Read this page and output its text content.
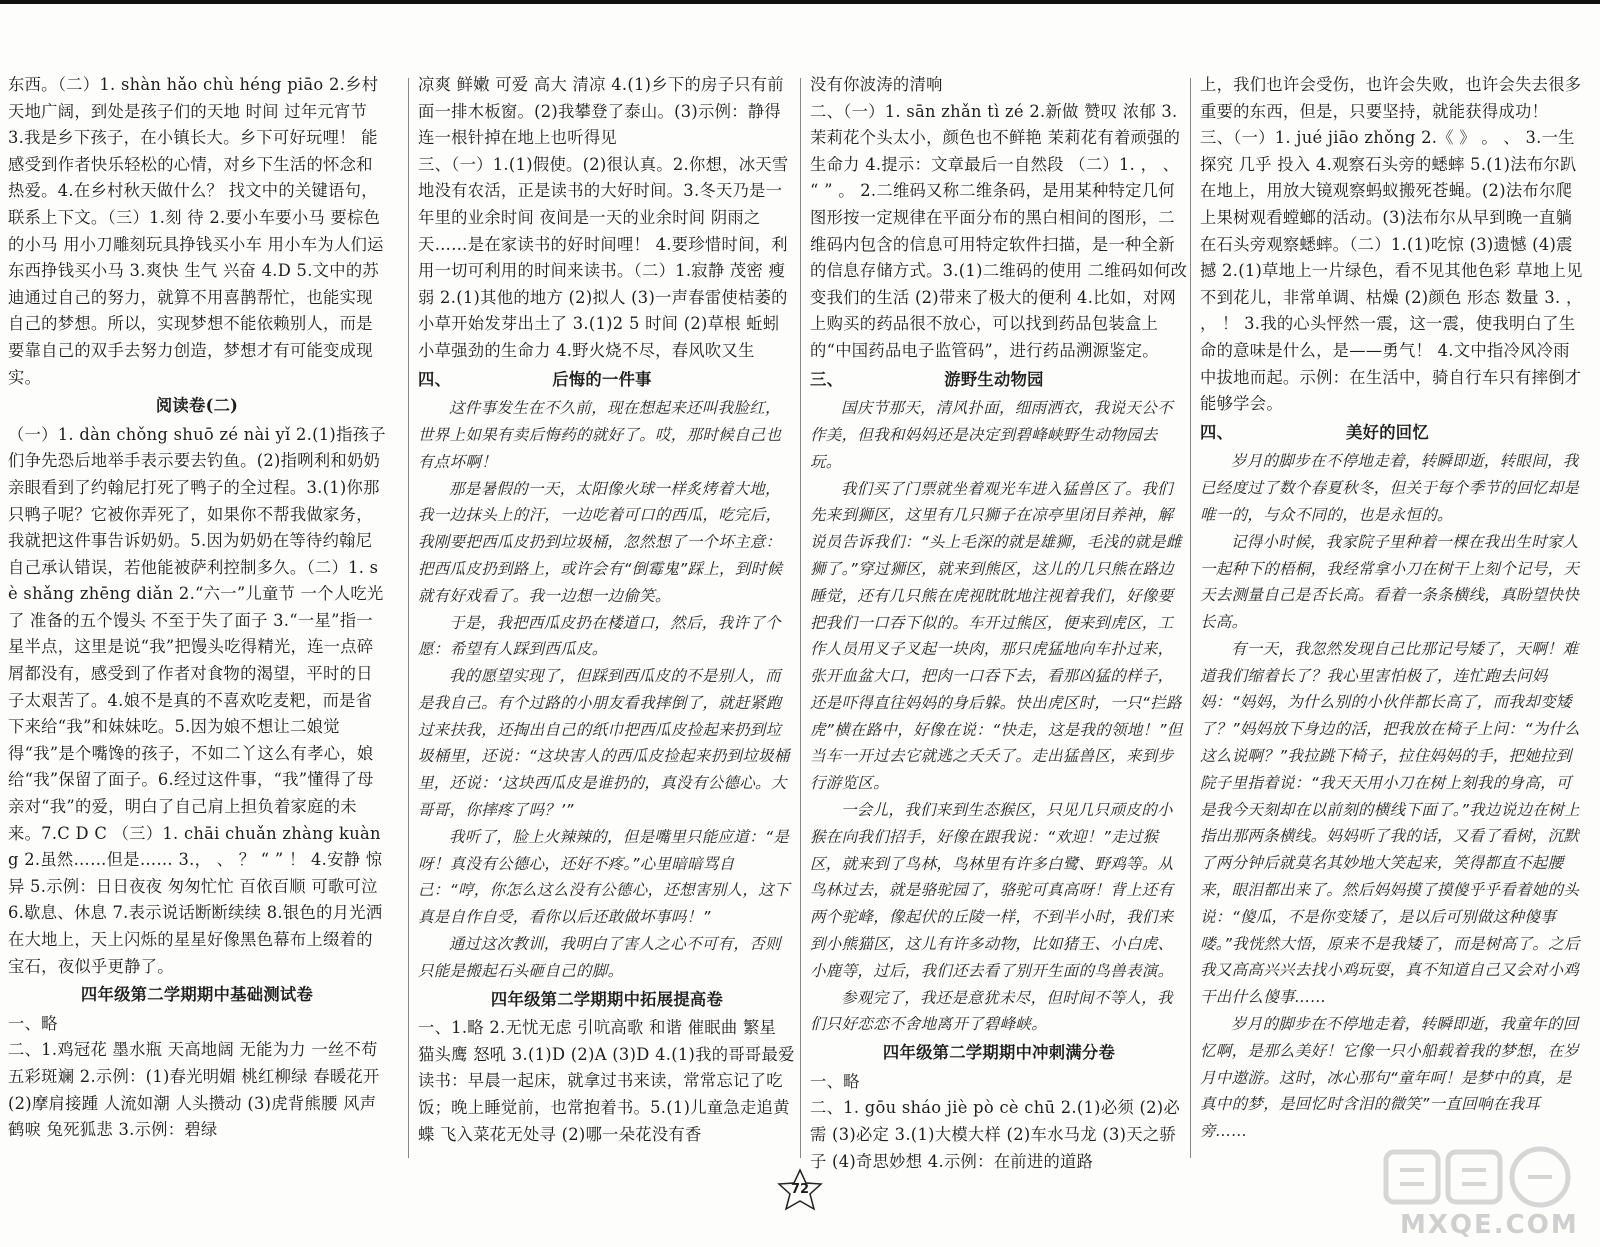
东西。（二）1. shàn hǎo chù héng piāo 2.乡村天地广阔，到处是孩子们的天地 时间 过年元宵节 3.我是乡下孩子，在小镇长大。乡下可好玩哩！ 能感受到作者快乐轻松的心情，对乡下生活的怀念和热爱。4.在乡村秋天做什么？ 找文中的关键语句，联系上下文。（三）1.刻 待 2.要小车要小马 要棕色的小马 用小刀雕刻玩具挣钱买小车 用小车为人们运东西挣钱买小马 3.爽快 生气 兴奋 4.D 5.文中的苏迪通过自己的努力，就算不用喜鹊帮忙，也能实现自己的梦想。所以，实现梦想不能依赖别人，而是要靠自己的双手去努力创造，梦想才有可能变成现实。

阅读卷(二)

（一）1. dàn chǒng shuō zé nài yǐ 2.(1)指孩子们争先恐后地举手表示要去钓鱼。(2)指咧利和奶奶亲眼看到了约翰尼打死了鸭子的全过程。3.(1)你那只鸭子呢？它被你弄死了，如果你不帮我做家务，我就把这件事告诉奶奶。5.因为奶奶在等待约翰尼自己承认错误，若他能被萨利控制多久。（二）1. sè shǎng zhēng diǎn 2.“六一”儿童节 一个人吃光了 准备的五个馒头 不至于失了面子 3.“一星”指一星半点，这里是说“我”把馒头吃得精光，连一点碎屑都没有，感受到了作者对食物的渴望，平时的日子太艰苦了。4.娘不是真的不喜欢吃麦粑，而是省下来给“我”和妹妹吃。5.因为娘不想让二娘觉得“我”是个嘴馋的孩子，不如二丫这么有孝心，娘给“我”保留了面子。6.经过这件事，“我”懂得了母亲对“我”的爱，明白了自己肩上担负着家庭的未来。7.C D C （三）1. chāi chuǎn zhàng kuàng 2.虽然……但是…… 3.， 、 ？ “ ” ！ 4.安静 惊异 5.示例：日日夜夜 匆匆忙忙 百依百顺 可歌可泣 6.歇息、休息 7.表示说话断断续续 8.银色的月光洒在大地上，天上闪烁的星星好像黑色幕布上缀着的宝石，夜似乎更静了。

四年级第二学期期中基础测试卷

一、略

二、1.鸡冠花 墨水瓶 天高地阔 无能为力 一丝不苟 五彩斑斓 2.示例：(1)春光明媚 桃红柳绿 春暖花开 (2)摩肩接踵 人流如潮 人头攒动 (3)虎背熊腰 风声鹤唳 兔死狐悲 3.示例：碧绿

凉爽 鲜嫩 可爱 高大 清凉 4.(1)乡下的房子只有前面一排木板窗。(2)我攀登了泰山。(3)示例：静得连一根针掉在地上也听得见

三、（一）1.(1)假使。(2)很认真。2.你想，冰天雪地没有农活，正是读书的大好时间。3.冬天乃是一年里的业余时间 夜间是一天的业余时间 阴雨之天……是在家读书的好时间哩！ 4.要珍惜时间，利用一切可利用的时间来读书。（二）1.寂静 茂密 瘦弱 2.(1)其他的地方 (2)拟人 (3)一声春雷使桔萎的小草开始发芽出土了 3.(1)2 5 时间 (2)草根 蚯蚓 小草强劲的生命力 4.野火烧不尽，春风吹又生

四、	后悔的一件事

这件事发生在不久前，现在想起来还叫我脸红，世界上如果有卖后悔药的就好了。哎，那时候自己也有点坏啊！

那是暑假的一天，太阳像火球一样炙烤着大地，我一边抹头上的汗，一边吃着可口的西瓜，吃完后，我刚要把西瓜皮扔到垃圾桶，忽然想了一个坏主意：把西瓜皮扔到路上，或许会有“倒霉鬼”踩上，到时候就有好戏看了。我一边想一边偷笑。

于是，我把西瓜皮扔在楼道口，然后，我许了个愿：希望有人踩到西瓜皮。

我的愿望实现了，但踩到西瓜皮的不是别人，而是我自己。有个过路的小朋友看我摔倒了，就赶紧跑过来扶我，还掏出自己的纸巾把西瓜皮捡起来扔到垃圾桶里，还说：“这块害人的西瓜皮捡起来扔到垃圾桶里，还说：‘这块西瓜皮是谁扔的，真没有公德心。大哥哥，你摔疼了吗？’”

我听了，脸上火辣辣的，但是嘴里只能应道：“是呀！真没有公德心，还好不疼。”心里暗暗骂自己：“哼，你怎么这么没有公德心，还想害别人，这下真是自作自受，看你以后还敢做坏事吗！”

通过这次教训，我明白了害人之心不可有，否则只能是搬起石头砸自己的脚。

四年级第二学期期中拓展提高卷

一、1.略 2.无忧无虑 引吭高歌 和谐 催眠曲 繁星 猫头鹰 怒吼 3.(1)D (2)A (3)D 4.(1)我的哥哥最爱读书：早晨一起床，就拿过书来读，常常忘记了吃饭；晚上睡觉前，也常抱着书。5.(1)儿童急走追黄蝶 飞入菜花无处寻 (2)哪一朵花没有香

没有你波涛的清响

二、（一）1. sān zhǎn tì zé 2.新做 赞叹 浓郁 3.茉莉花个头太小，颜色也不鲜艳 茉莉花有着顽强的生命力 4.提示：文章最后一自然段 （二）1. ， 、 “ ” 。 2.二维码又称二维条码，是用某种特定几何图形按一定规律在平面分布的黑白相间的图形，二维码内包含的信息可用特定软件扫描，是一种全新的信息存储方式。3.(1)二维码的使用 二维码如何改变我们的生活 (2)带来了极大的便利 4.比如，对网上购买的药品很不放心，可以找到药品包装盒上的“中国药品电子监管码”，进行药品溯源鉴定。

三、	游野生动物园

国庆节那天，清风扑面，细雨洒衣，我说天公不作美，但我和妈妈还是决定到碧峰峡野生动物园去玩。

我们买了门票就坐着观光车进入猛兽区了。我们先来到狮区，这里有几只狮子在凉亭里闭目养神，解说员告诉我们：“头上毛深的就是雄狮，毛浅的就是雌狮了。”穿过狮区，就来到熊区，这儿的几只熊在路边睡觉，还有几只熊在虎视眈眈地注视着我们，好像要把我们一口吞下似的。车开过熊区，便来到虎区，工作人员用叉子叉起一块肉，那只虎猛地向车扑过来，张开血盆大口，把肉一口吞下去，看那凶猛的样子，还是吓得直往妈妈的身后躲。快出虎区时，一只“拦路虎”横在路中，好像在说：“快走，这是我的领地！”但当车一开过去它就逃之夭夭了。走出猛兽区，来到步行游览区。

一会儿，我们来到生态猴区，只见几只顽皮的小猴在向我们招手，好像在跟我说：“欢迎！”走过猴区，就来到了鸟林，鸟林里有许多白鹭、野鸡等。从鸟林过去，就是骆驼园了，骆驼可真高呀！背上还有两个驼峰，像起伏的丘陵一样，不到半小时，我们来到小熊猫区，这儿有许多动物，比如猪王、小白虎、小鹿等，过后，我们还去看了别开生面的鸟兽表演。

参观完了，我还是意犹未尽，但时间不等人，我们只好恋恋不舍地离开了碧峰峡。

四年级第二学期期中冲刺满分卷

一、略

二、1. gōu sháo jiè pò cè chū 2.(1)必须 (2)必需 (3)必定 3.(1)大模大样 (2)车水马龙 (3)天之骄子 (4)奇思妙想 4.示例：在前进的道路

上，我们也许会受伤，也许会失败，也许会失去很多重要的东西，但是，只要坚持，就能获得成功！

三、（一）1. jué jiāo zhǒng 2.《 》 。 、 3.一生 探究 几乎 投入 4.观察石头旁的蟋蟀 5.(1)法布尔趴在地上，用放大镜观察蚂蚁搬死苍蝇。(2)法布尔爬上果树观看螳螂的活动。(3)法布尔从早到晚一直躺在石头旁观察蟋蟀。（二）1.(1)吃惊 (3)遗憾 (4)震撼 2.(1)草地上一片绿色，看不见其他色彩 草地上见不到花儿，非常单调、枯燥 (2)颜色 形态 数量 3. ， ， ！ 3.我的心头怦然一震，这一震，使我明白了生命的意味是什么，是——勇气！ 4.文中指冷风冷雨中拔地而起。示例：在生活中，骑自行车只有摔倒才能够学会。

四、	美好的回忆

岁月的脚步在不停地走着，转瞬即逝，转眼间，我已经度过了数个春夏秋冬，但关于每个季节的回忆却是唯一的，与众不同的，也是永恒的。

记得小时候，我家院子里种着一棵在我出生时家人一起种下的梧桐，我经常拿小刀在树干上刻个记号，天天去测量自己是否长高。看着一条条横线，真盼望快快长高。

有一天，我忽然发现自己比那记号矮了，天啊！难道我们缩着长了？我心里害怕极了，连忙跑去问妈妈：“妈妈，为什么别的小伙伴都长高了，而我却变矮了？”妈妈放下身边的活，把我放在椅子上问：“为什么这么说啊？”我拉跳下椅子，拉住妈妈的手，把她拉到院子里指着说：“我天天用小刀在树上刻我的身高，可是我今天刻却在以前刻的横线下面了。”我边说边在树上指出那两条横线。妈妈听了我的话，又看了看树，沉默了两分钟后就莫名其妙地大笑起来，笑得都直不起腰来，眼泪都出来了。然后妈妈摸了摸傻乎乎看着她的头说：“傻瓜，不是你变矮了，是以后可别做这种傻事喽。”我恍然大悟，原来不是我矮了，而是树高了。之后我又高高兴兴去找小鸡玩耍，真不知道自己又会对小鸡干出什么傻事……

岁月的脚步在不停地走着，转瞬即逝，我童年的回忆啊，是那么美好！它像一只小船载着我的梦想，在岁月中遨游。这时，冰心那句“童年呵！是梦中的真，是真中的梦，是回忆时含泪的微笑”一直回响在我耳旁……

72
MXQE.COM
